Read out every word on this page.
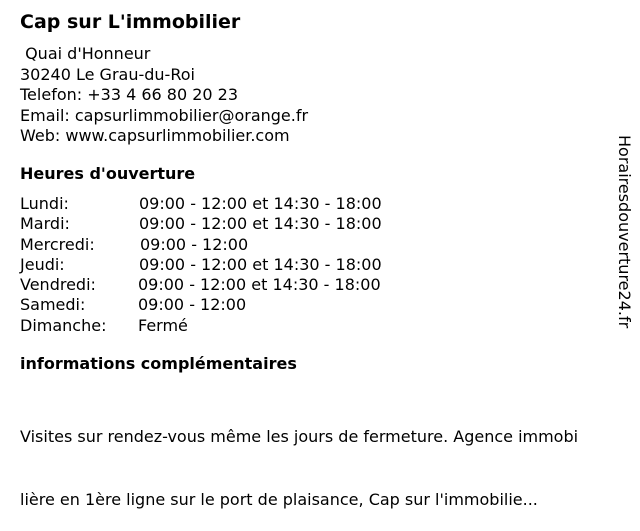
Cap sur L'immobilier
Quai d'Honneur
30240 Le Grau-du-Roi
Telefon: +33 4 66 80 20 23
Email: capsurlimmobilier@orange.fr
Web: www.capsurlimmobilier.com
Heures d'ouverture
Lundi:	09:00 - 12:00 et 14:30 - 18:00
Mardi:	09:00 - 12:00 et 14:30 - 18:00
Mercredi:	09:00 - 12:00
Jeudi:	09:00 - 12:00 et 14:30 - 18:00
Vendredi:	09:00 - 12:00 et 14:30 - 18:00
Samedi:	09:00 - 12:00
Dimanche: Fermé
informations complémentaires

Visites sur rendez-vous même les jours de fermeture. Agence immobi

lière en 1ère ligne sur le port de plaisance, Cap sur l'immobilie...

Horairesdouverture24.fr
